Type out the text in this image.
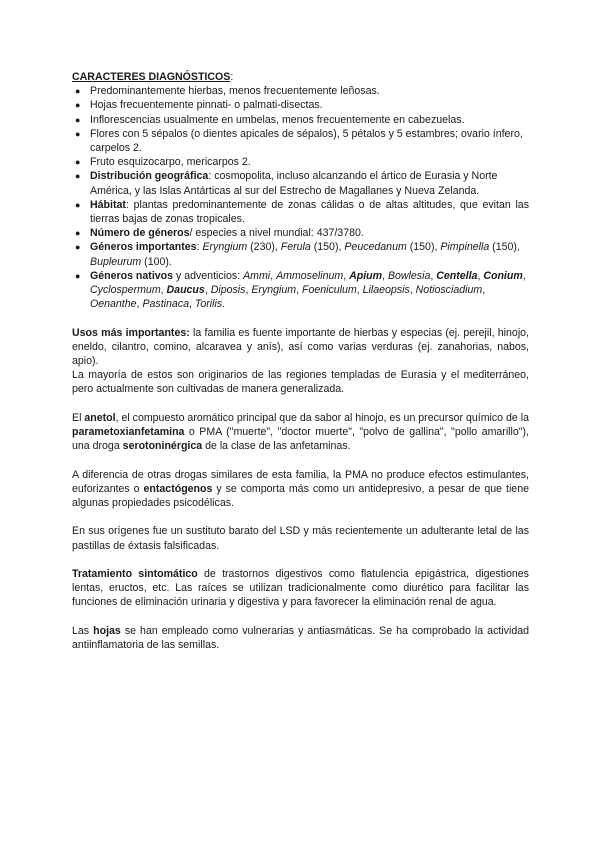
CARACTERES DIAGNÓSTICOS:
● Predominantemente hierbas, menos frecuentemente leñosas.
● Hojas frecuentemente pinnati- o palmati-disectas.
● Inflorescencias usualmente en umbelas, menos frecuentemente en cabezuelas.
● Flores con 5 sépalos (o dientes apicales de sépalos), 5 pétalos y 5 estambres; ovario ínfero, carpelos 2.
● Fruto esquizocarpo, mericarpos 2.
● Distribución geográfica: cosmopolita, incluso alcanzando el ártico de Eurasia y Norte América, y las Islas Antárticas al sur del Estrecho de Magallanes y Nueva Zelanda.
● Hábitat: plantas predominantemente de zonas cálidas o de altas altitudes, que evitan las tierras bajas de zonas tropicales.
● Número de géneros/ especies a nivel mundial: 437/3780.
● Géneros importantes: Eryngium (230), Ferula (150), Peucedanum (150), Pimpinella (150), Bupleurum (100).
● Géneros nativos y adventicios: Ammi, Ammoselinum, Apium, Bowlesia, Centella, Conium, Cyclospermum, Daucus, Diposis, Eryngium, Foeniculum, Lilaeopsis, Notiosciadium, Oenanthe, Pastinaca, Torilis.

Usos más importantes: la familia es fuente importante de hierbas y especias (ej. perejil, hinojo, eneldo, cilantro, comino, alcaravea y anís), así como varias verduras (ej. zanahorias, nabos, apio).

La mayoría de estos son originarios de las regiones templadas de Eurasia y el mediterráneo, pero actualmente son cultivadas de manera generalizada.

El anetol, el compuesto aromático principal que da sabor al hinojo, es un precursor químico de la parametoxianfetamina o PMA ("muerte", "doctor muerte", "polvo de gallina", "pollo amarillo"), una droga serotoninérgica de la clase de las anfetaminas.

A diferencia de otras drogas similares de esta familia, la PMA no produce efectos estimulantes, euforizantes o entactógenos y se comporta más como un antidepresivo, a pesar de que tiene algunas propiedades psicodélicas.

En sus orígenes fue un sustituto barato del LSD y más recientemente un adulterante letal de las pastillas de éxtasis falsificadas.

Tratamiento sintomático de trastornos digestivos como flatulencia epigástrica, digestiones lentas, eructos, etc. Las raíces se utilizan tradicionalmente como diurético para facilitar las funciones de eliminación urinaria y digestiva y para favorecer la eliminación renal de agua.

Las hojas se han empleado como vulnerarias y antiasmáticas. Se ha comprobado la actividad antiinflamatoria de las semillas.
